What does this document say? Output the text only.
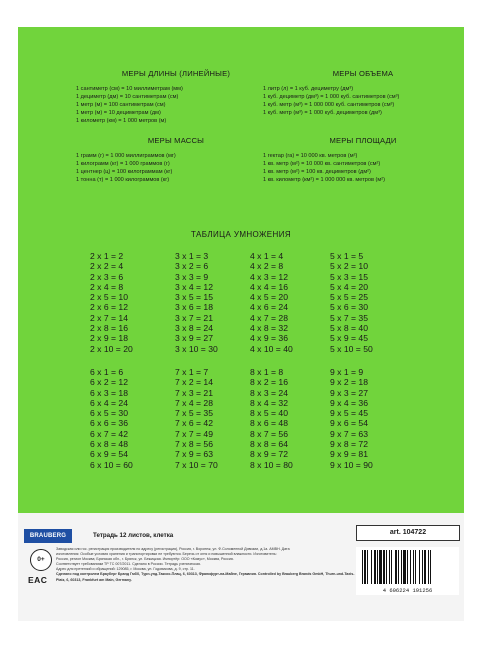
МЕРЫ ДЛИНЫ (ЛИНЕЙНЫЕ)
1 сантиметр (см) = 10 миллиметрам (мм)
1 дециметр (дм) = 10 сантиметрам (см)
1 метр (м) = 100 сантиметрам (см)
1 метр (м) = 10 дециметрам (дм)
1 километр (км) = 1 000 метров (м)
МЕРЫ ОБЪЕМА
1 литр (л) = 1 куб. дециметру (дм³)
1 куб. дециметр (дм³) = 1 000 куб. сантиметров (см³)
1 куб. метр (м³) = 1 000 000 куб. сантиметров (см³)
1 куб. метр (м³) = 1 000 куб. дециметров (дм³)
МЕРЫ МАССЫ
1 грамм (г) = 1 000 миллиграммов (мг)
1 килограмм (кг) = 1 000 граммов (г)
1 центнер (ц) = 100 килограммам (кг)
1 тонна (т) = 1 000 килограммов (кг)
МЕРЫ ПЛОЩАДИ
1 гектар (га) = 10 000 кв. метров (м²)
1 кв. метр (м²) = 10 000 кв. сантиметров (см²)
1 кв. метр (м²) = 100 кв. дециметров (дм²)
1 кв. километр (км²) = 1 000 000 кв. метров (м²)
ТАБЛИЦА УМНОЖЕНИЯ
2 x 1 = 2
2 x 2 = 4
2 x 3 = 6
2 x 4 = 8
2 x 5 = 10
2 x 6 = 12
2 x 7 = 14
2 x 8 = 16
2 x 9 = 18
2 x 10 = 20
3 x 1 = 3
3 x 2 = 6
3 x 3 = 9
3 x 4 = 12
3 x 5 = 15
3 x 6 = 18
3 x 7 = 21
3 x 8 = 24
3 x 9 = 27
3 x 10 = 30
4 x 1 = 4
4 x 2 = 8
4 x 3 = 12
4 x 4 = 16
4 x 5 = 20
4 x 6 = 24
4 x 7 = 28
4 x 8 = 32
4 x 9 = 36
4 x 10 = 40
5 x 1 = 5
5 x 2 = 10
5 x 3 = 15
5 x 4 = 20
5 x 5 = 25
5 x 6 = 30
5 x 7 = 35
5 x 8 = 40
5 x 9 = 45
5 x 10 = 50
6 x 1 = 6
6 x 2 = 12
6 x 3 = 18
6 x 4 = 24
6 x 5 = 30
6 x 6 = 36
6 x 7 = 42
6 x 8 = 48
6 x 9 = 54
6 x 10 = 60
7 x 1 = 7
7 x 2 = 14
7 x 3 = 21
7 x 4 = 28
7 x 5 = 35
7 x 6 = 42
7 x 7 = 49
7 x 8 = 56
7 x 9 = 63
7 x 10 = 70
8 x 1 = 8
8 x 2 = 16
8 x 3 = 24
8 x 4 = 32
8 x 5 = 40
8 x 6 = 48
8 x 7 = 56
8 x 8 = 64
8 x 9 = 72
8 x 10 = 80
9 x 1 = 9
9 x 2 = 18
9 x 3 = 27
9 x 4 = 36
9 x 5 = 45
9 x 6 = 54
9 x 7 = 63
9 x 8 = 72
9 x 9 = 81
9 x 10 = 90
BRAUBERG	Тетрадь 12 листов, клетка	art. 104722
0+
EAC
Заводская или гос. регистрация производителя по адресу (регистрация), Россия, г. Воронеж, ул. Ф.Соломенной Дивизии, д.1а. АМВН. Дата
изготовления: Особые условия хранения и транспортировки не требуются. Беречь от огня и повышенной влажности. Изготовитель:
Россия, регион Москва; Брянская обл., г. Брянск, ул. Бежицкая. Импортёр: ООО «Комус», Москва, Россия.
Соответствует требованиям ТР ТС 007/2011. Сделано в России. Тетрадь ученическая.
Адрес для претензий и обращений: 129085, г. Москва, ул. Годовикова, д. 9, стр. 11.
Сделано под контролем Брауберг Бранд ГмбХ, Турн-унд-Таксис-Плац, 6, 60313, Франкфурт-на-Майне, Германия. Controlled by Brauberg Brands GmbH, Thurn-und-Taxis-Platz, 6, 60313, Frankfurt am Main, Germany.
4 606224 191256
